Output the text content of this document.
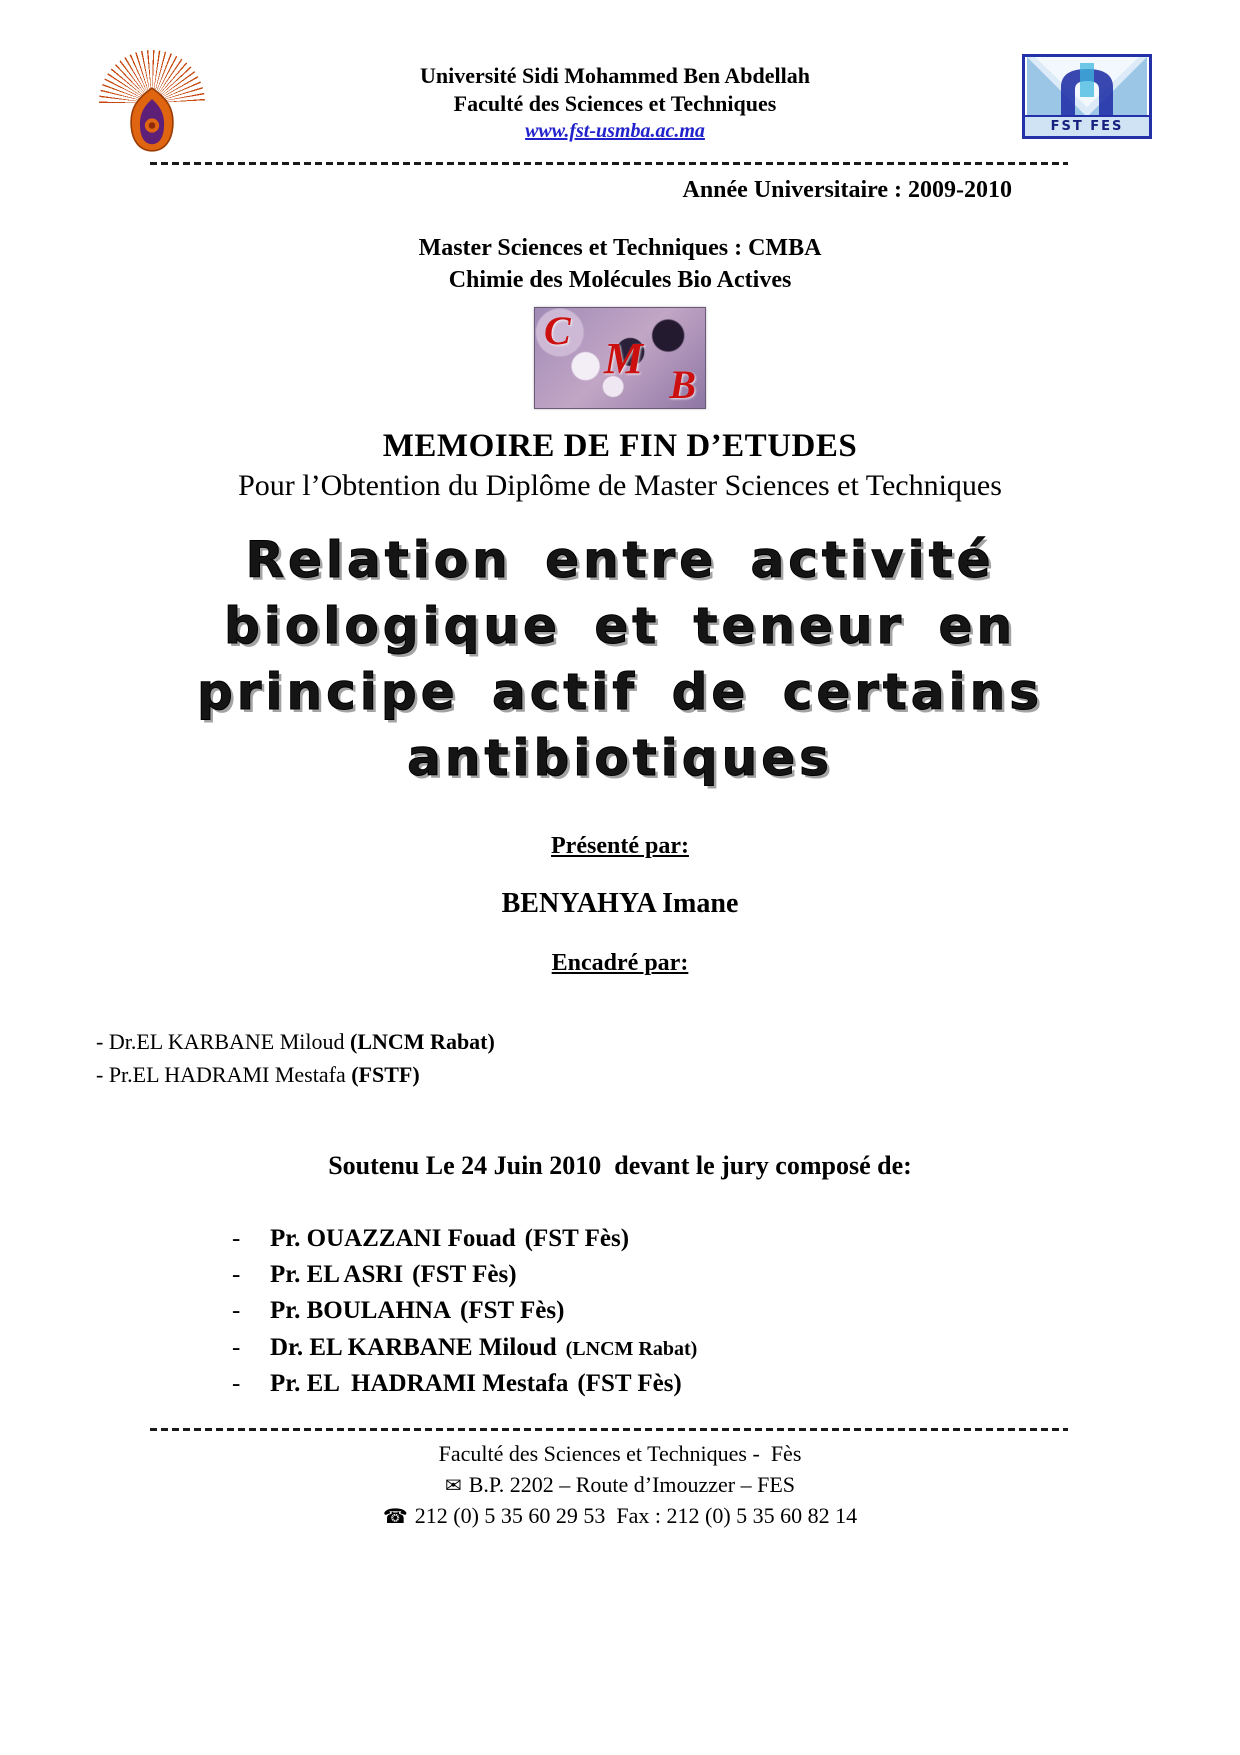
Université Sidi Mohammed Ben Abdellah
Faculté des Sciences et Techniques
www.fst-usmba.ac.ma	FST FES
Année Universitaire : 2009-2010
Master Sciences et Techniques : CMBA
Chimie des Molécules Bio Actives
C
M
B
MEMOIRE DE FIN D’ETUDES
Pour l’Obtention du Diplôme de Master Sciences et Techniques
Relation entre activité
biologique et teneur en
principe actif de certains
antibiotiques
Présenté par:
BENYAHYA Imane
Encadré par:
- Dr.EL KARBANE Miloud (LNCM Rabat)
- Pr.EL HADRAMI Mestafa (FSTF)
Soutenu Le 24 Juin 2010  devant le jury composé de:
-	Pr. OUAZZANI Fouad (FST Fès)
-	Pr. EL ASRI (FST Fès)
-	Pr. BOULAHNA (FST Fès)
-	Dr. EL KARBANE Miloud (LNCM Rabat)
-	Pr. EL  HADRAMI Mestafa (FST Fès)
Faculté des Sciences et Techniques -  Fès
✉ B.P. 2202 – Route d’Imouzzer – FES
☎ 212 (0) 5 35 60 29 53  Fax : 212 (0) 5 35 60 82 14
